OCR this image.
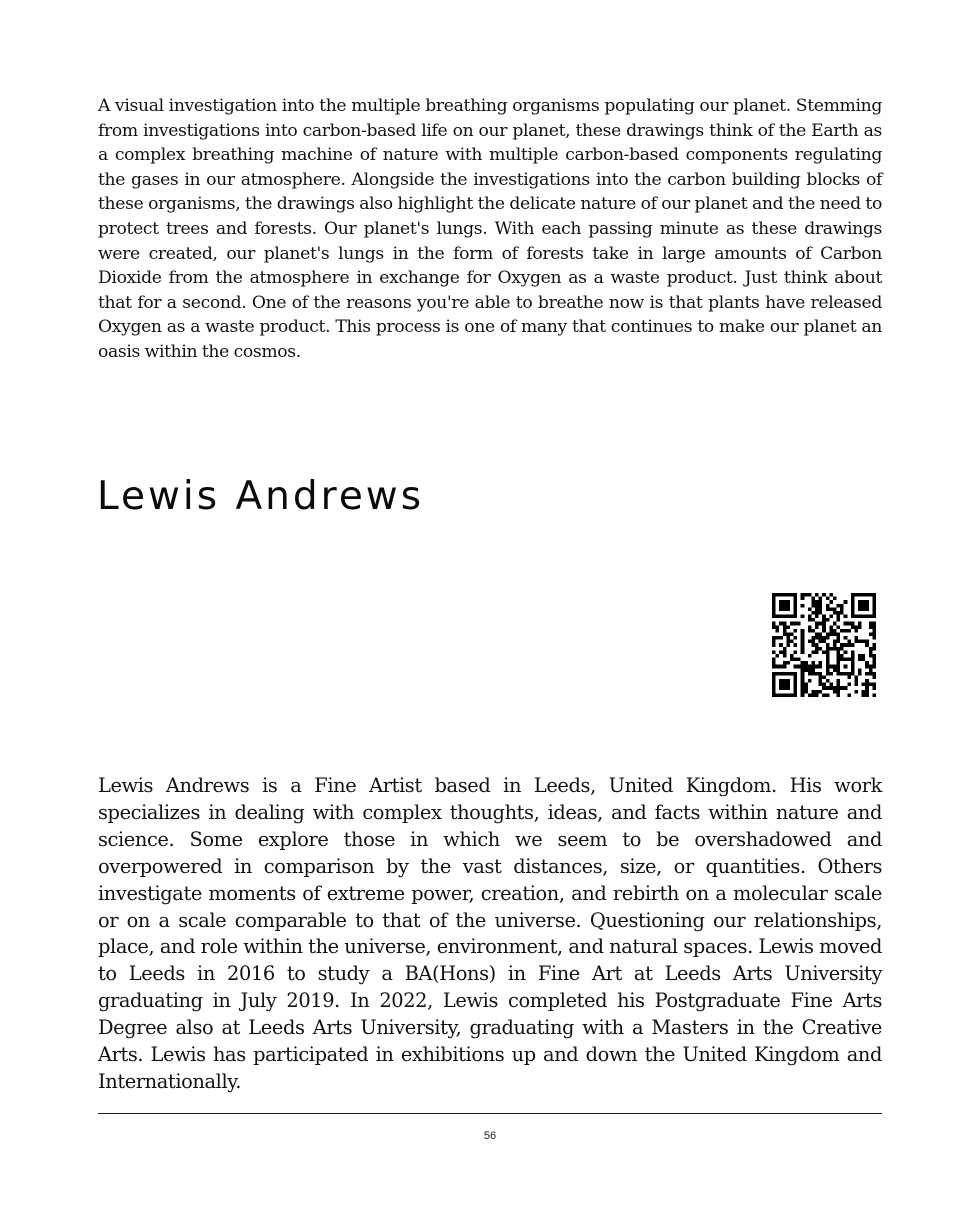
A visual investigation into the multiple breathing organisms populating our planet. Stemming from investigations into carbon-based life on our planet, these drawings think of the Earth as a complex breathing machine of nature with multiple carbon-based components regulating the gases in our atmosphere. Alongside the investigations into the carbon building blocks of these organisms, the drawings also highlight the delicate nature of our planet and the need to protect trees and forests. Our planet's lungs. With each passing minute as these drawings were created, our planet's lungs in the form of forests take in large amounts of Carbon Dioxide from the atmosphere in exchange for Oxygen as a waste product. Just think about that for a second. One of the reasons you're able to breathe now is that plants have released Oxygen as a waste product. This process is one of many that continues to make our planet an oasis within the cosmos.

Lewis Andrews

Lewis Andrews is a Fine Artist based in Leeds, United Kingdom. His work specializes in dealing with complex thoughts, ideas, and facts within nature and science. Some explore those in which we seem to be overshadowed and overpowered in comparison by the vast distances, size, or quantities. Others investigate moments of extreme power, creation, and rebirth on a molecular scale or on a scale comparable to that of the universe. Questioning our relationships, place, and role within the universe, environment, and natural spaces. Lewis moved to Leeds in 2016 to study a BA(Hons) in Fine Art at Leeds Arts University graduating in July 2019. In 2022, Lewis completed his Postgraduate Fine Arts Degree also at Leeds Arts University, graduating with a Masters in the Creative Arts. Lewis has participated in exhibitions up and down the United Kingdom and Internationally.

56
